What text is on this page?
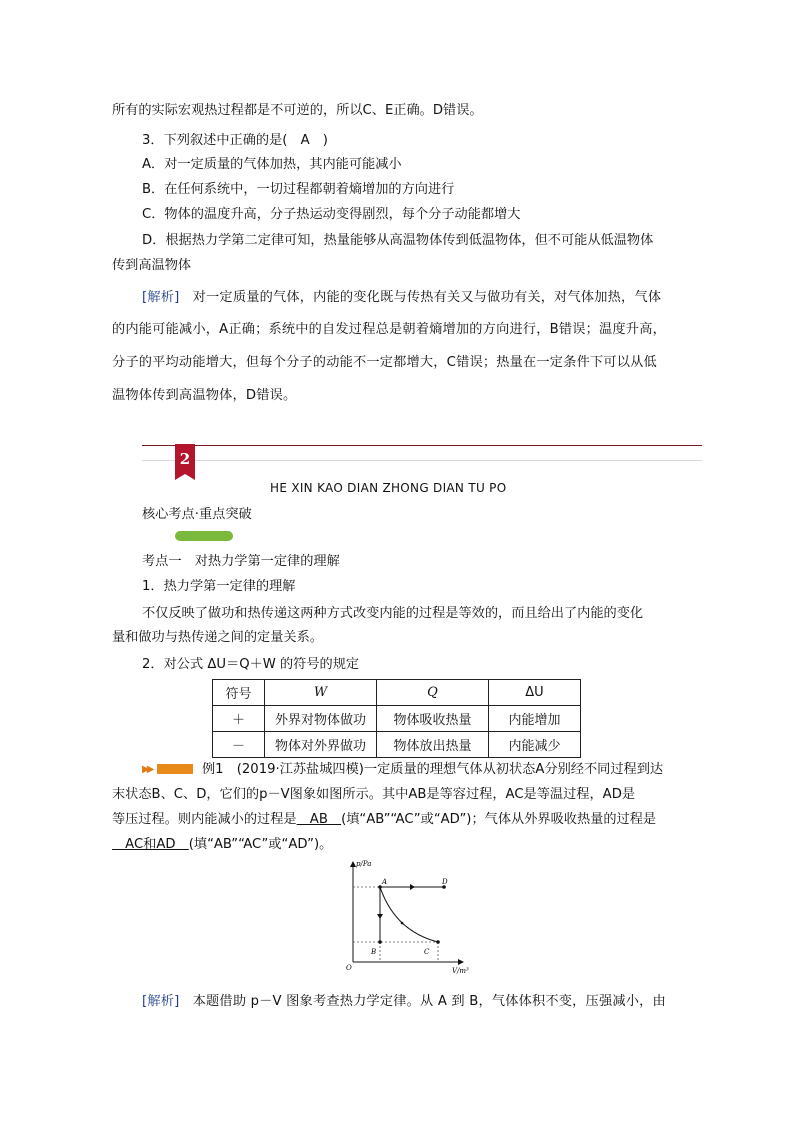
所有的实际宏观热过程都是不可逆的，所以C、E正确。D错误。
3．下列叙述中正确的是(　A　)
A．对一定质量的气体加热，其内能可能减小
B．在任何系统中，一切过程都朝着熵增加的方向进行
C．物体的温度升高，分子热运动变得剧烈，每个分子动能都增大
D．根据热力学第二定律可知，热量能够从高温物体传到低温物体，但不可能从低温物体
传到高温物体
[解析] 对一定质量的气体，内能的变化既与传热有关又与做功有关，对气体加热，气体
的内能可能减小，A正确；系统中的自发过程总是朝着熵增加的方向进行，B错误；温度升高，
分子的平均动能增大，但每个分子的动能不一定都增大，C错误；热量在一定条件下可以从低
温物体传到高温物体，D错误。
2
HE XIN KAO DIAN ZHONG DIAN TU PO
核心考点·重点突破
考点一　对热力学第一定律的理解
1．热力学第一定律的理解
不仅反映了做功和热传递这两种方式改变内能的过程是等效的，而且给出了内能的变化
量和做功与热传递之间的定量关系。
2．对公式 ΔU＝Q＋W 的符号的规定
符号	W	Q	ΔU
＋	外界对物体做功	物体吸收热量	内能增加
－	物体对外界做功	物体放出热量	内能减少
▶▶	例1　(2019·江苏盐城四模)一定质量的理想气体从初状态A分别经不同过程到达
末状态B、C、D，它们的p－V图象如图所示。其中AB是等容过程，AC是等温过程，AD是
等压过程。则内能减小的过程是　AB　(填“AB”“AC”或“AD”)；气体从外界吸收热量的过程是
　AC和AD　(填“AB”“AC”或“AD”)。
p/Pa
V/m³
O
A
B	C
D
[解析] 本题借助 p－V 图象考查热力学定律。从 A 到 B，气体体积不变，压强减小，由
